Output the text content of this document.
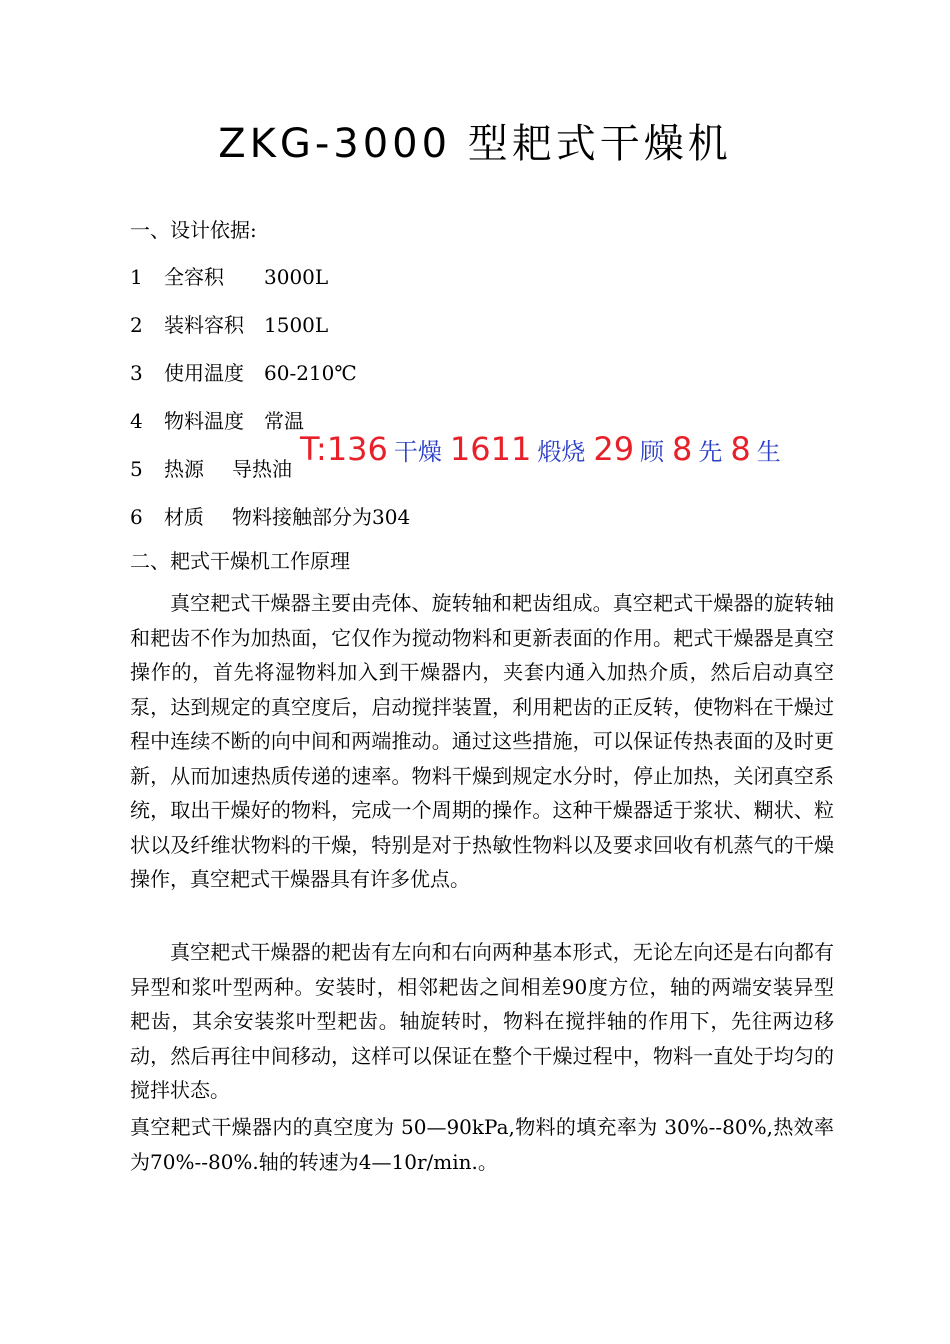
ZKG-3000 型耙式干燥机
一、设计依据:
1 全容积 3000L
2 装料容积 1500L
3 使用温度 60-210℃
4 物料温度 常温
5 热源 导热油
6 材质 物料接触部分为304
T:136 干燥 1611 煅烧 29 顾 8 先 8 生
二、耙式干燥机工作原理

真空耙式干燥器主要由壳体、旋转轴和耙齿组成。真空耙式干燥器的旋转轴和耙齿不作为加热面，它仅作为搅动物料和更新表面的作用。耙式干燥器是真空操作的，首先将湿物料加入到干燥器内，夹套内通入加热介质，然后启动真空泵，达到规定的真空度后，启动搅拌装置，利用耙齿的正反转，使物料在干燥过程中连续不断的向中间和两端推动。通过这些措施，可以保证传热表面的及时更新，从而加速热质传递的速率。物料干燥到规定水分时，停止加热，关闭真空系统，取出干燥好的物料，完成一个周期的操作。这种干燥器适于浆状、糊状、粒状以及纤维状物料的干燥，特别是对于热敏性物料以及要求回收有机蒸气的干燥操作，真空耙式干燥器具有许多优点。

真空耙式干燥器的耙齿有左向和右向两种基本形式，无论左向还是右向都有异型和浆叶型两种。安装时，相邻耙齿之间相差90度方位，轴的两端安装异型耙齿，其余安装浆叶型耙齿。轴旋转时，物料在搅拌轴的作用下，先往两边移动，然后再往中间移动，这样可以保证在整个干燥过程中，物料一直处于均匀的搅拌状态。

真空耙式干燥器内的真空度为 50—90kPa,物料的填充率为 30%--80%,热效率为70%--80%.轴的转速为4—10r/min.。
